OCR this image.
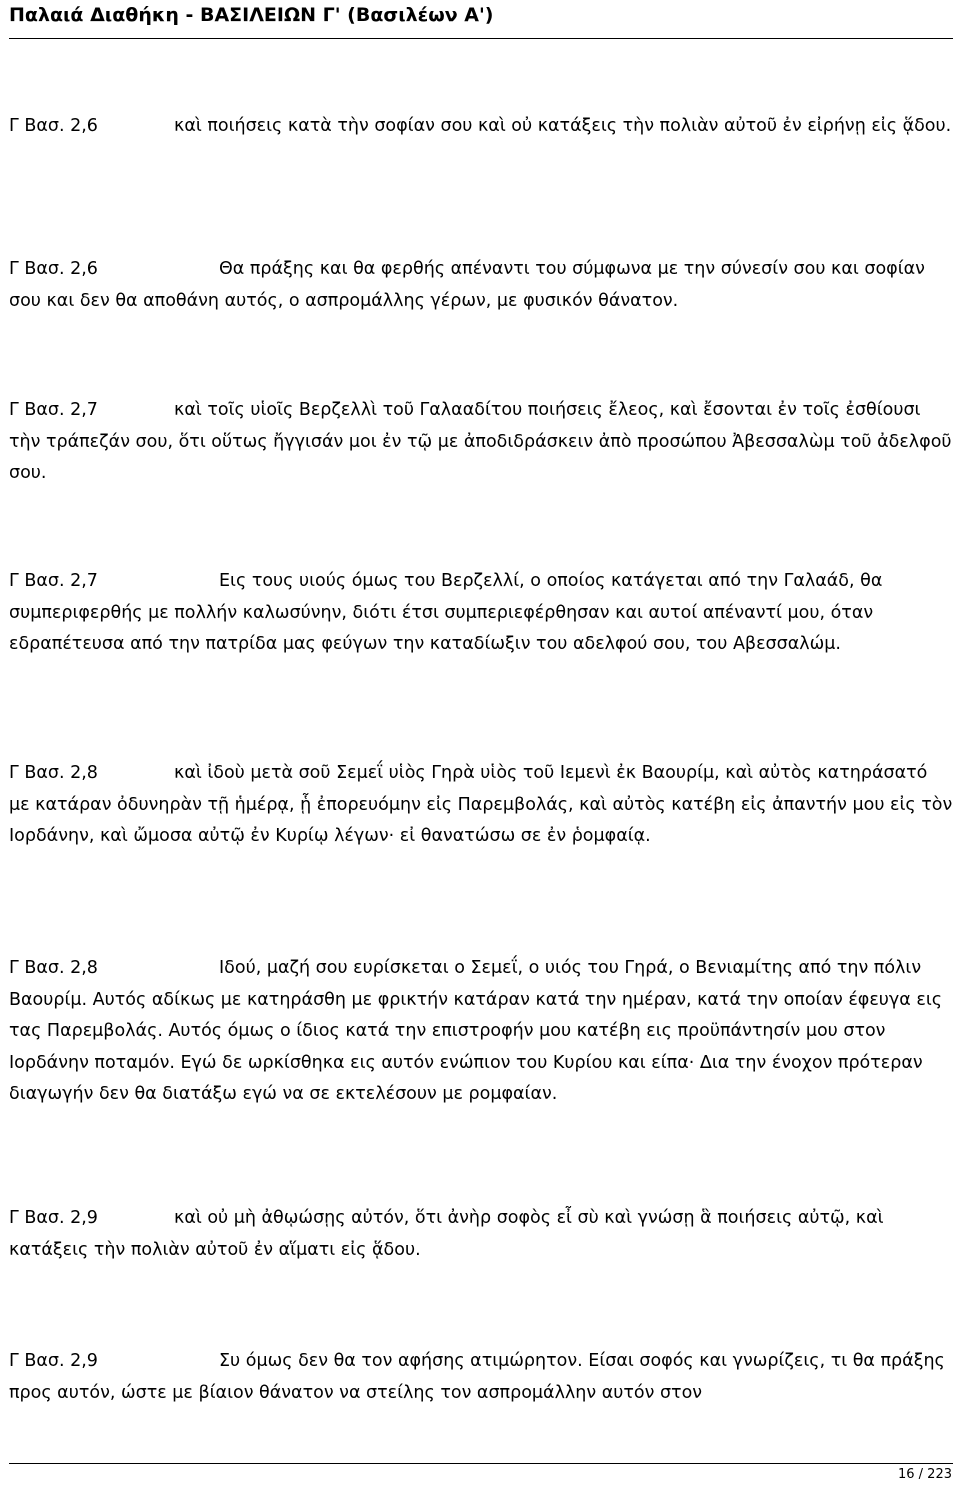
Παλαιά Διαθήκη - ΒΑΣΙΛΕΙΩΝ Γ' (Βασιλέων Α')
Γ Βασ. 2,6	καὶ ποιήσεις κατὰ τὴν σοφίαν σου καὶ οὐ κατάξεις τὴν πολιὰν αὐτοῦ ἐν εἰρήνῃ εἰς ᾅδου.
Γ Βασ. 2,6	Θα πράξης και θα φερθής απέναντι του σύμφωνα με την σύνεσίν σου και σοφίαν σου και δεν θα αποθάνη αυτός, ο ασπρομάλλης γέρων, με φυσικόν θάνατον.
Γ Βασ. 2,7	καὶ τοῖς υἱοῖς Βερζελλὶ τοῦ Γαλααδίτου ποιήσεις ἔλεος, καὶ ἔσονται ἐν τοῖς ἐσθίουσι τὴν τράπεζάν σου, ὅτι οὕτως ἤγγισάν μοι ἐν τῷ με ἀποδιδράσκειν ἀπὸ προσώπου Ἀβεσσαλὼμ τοῦ ἀδελφοῦ σου.
Γ Βασ. 2,7	Εις τους υιούς όμως του Βερζελλί, ο οποίος κατάγεται από την Γαλαάδ, θα συμπεριφερθής με πολλήν καλωσύνην, διότι έτσι συμπεριεφέρθησαν και αυτοί απέναντί μου, όταν εδραπέτευσα από την πατρίδα μας φεύγων την καταδίωξιν του αδελφού σου, του Αβεσσαλώμ.
Γ Βασ. 2,8	καὶ ἰδοὺ μετὰ σοῦ Σεμεΐ υἱὸς Γηρὰ υἱὸς τοῦ Ιεμενὶ ἐκ Βαουρίμ, καὶ αὐτὸς κατηράσατό με κατάραν ὀδυνηρὰν τῇ ἡμέρᾳ, ᾗ ἐπορευόμην εἰς Παρεμβολάς, καὶ αὐτὸς κατέβη εἰς ἀπαντήν μου εἰς τὸν Ιορδάνην, καὶ ὤμοσα αὐτῷ ἐν Κυρίῳ λέγων· εἰ θανατώσω σε ἐν ῥομφαίᾳ.
Γ Βασ. 2,8	Ιδού, μαζή σου ευρίσκεται ο Σεμεΐ, ο υιός του Γηρά, ο Βενιαμίτης από την πόλιν Βαουρίμ. Αυτός αδίκως με κατηράσθη με φρικτήν κατάραν κατά την ημέραν, κατά την οποίαν έφευγα εις τας Παρεμβολάς. Αυτός όμως ο ίδιος κατά την επιστροφήν μου κατέβη εις προϋπάντησίν μου στον Ιορδάνην ποταμόν. Εγώ δε ωρκίσθηκα εις αυτόν ενώπιον του Κυρίου και είπα· Δια την ένοχον πρότεραν διαγωγήν δεν θα διατάξω εγώ να σε εκτελέσουν με ρομφαίαν.
Γ Βασ. 2,9	καὶ οὐ μὴ ἀθῳώσῃς αὐτόν, ὅτι ἀνὴρ σοφὸς εἶ σὺ καὶ γνώσῃ ἃ ποιήσεις αὐτῷ, καὶ κατάξεις τὴν πολιὰν αὐτοῦ ἐν αἵματι εἰς ᾅδου.
Γ Βασ. 2,9	Συ όμως δεν θα τον αφήσης ατιμώρητον. Είσαι σοφός και γνωρίζεις, τι θα πράξης προς αυτόν, ώστε με βίαιον θάνατον να στείλης τον ασπρομάλλην αυτόν στον
16 / 223
